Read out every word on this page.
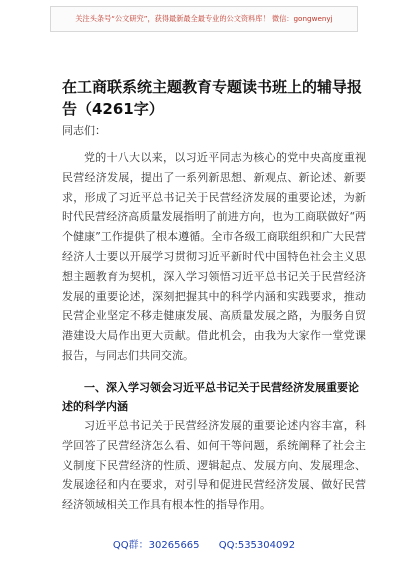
关注头条号“公文研究”，获得最新最全最专业的公文资料库！ 微信：gongwenyj
在工商联系统主题教育专题读书班上的辅导报告（4261字）
同志们：
党的十八大以来，以习近平同志为核心的党中央高度重视民营经济发展，提出了一系列新思想、新观点、新论述、新要求，形成了习近平总书记关于民营经济发展的重要论述，为新时代民营经济高质量发展指明了前进方向，也为工商联做好“两个健康”工作提供了根本遵循。全市各级工商联组织和广大民营经济人士要以开展学习贯彻习近平新时代中国特色社会主义思想主题教育为契机，深入学习领悟习近平总书记关于民营经济发展的重要论述，深刻把握其中的科学内涵和实践要求，推动民营企业坚定不移走健康发展、高质量发展之路，为服务自贸港建设大局作出更大贡献。借此机会，由我为大家作一堂党课报告，与同志们共同交流。
一、深入学习领会习近平总书记关于民营经济发展重要论述的科学内涵
习近平总书记关于民营经济发展的重要论述内容丰富，科学回答了民营经济怎么看、如何干等问题，系统阐释了社会主义制度下民营经济的性质、逻辑起点、发展方向、发展理念、发展途径和内在要求，对引导和促进民营经济发展、做好民营经济领域相关工作具有根本性的指导作用。
QQ群：30265665 QQ:535304092
